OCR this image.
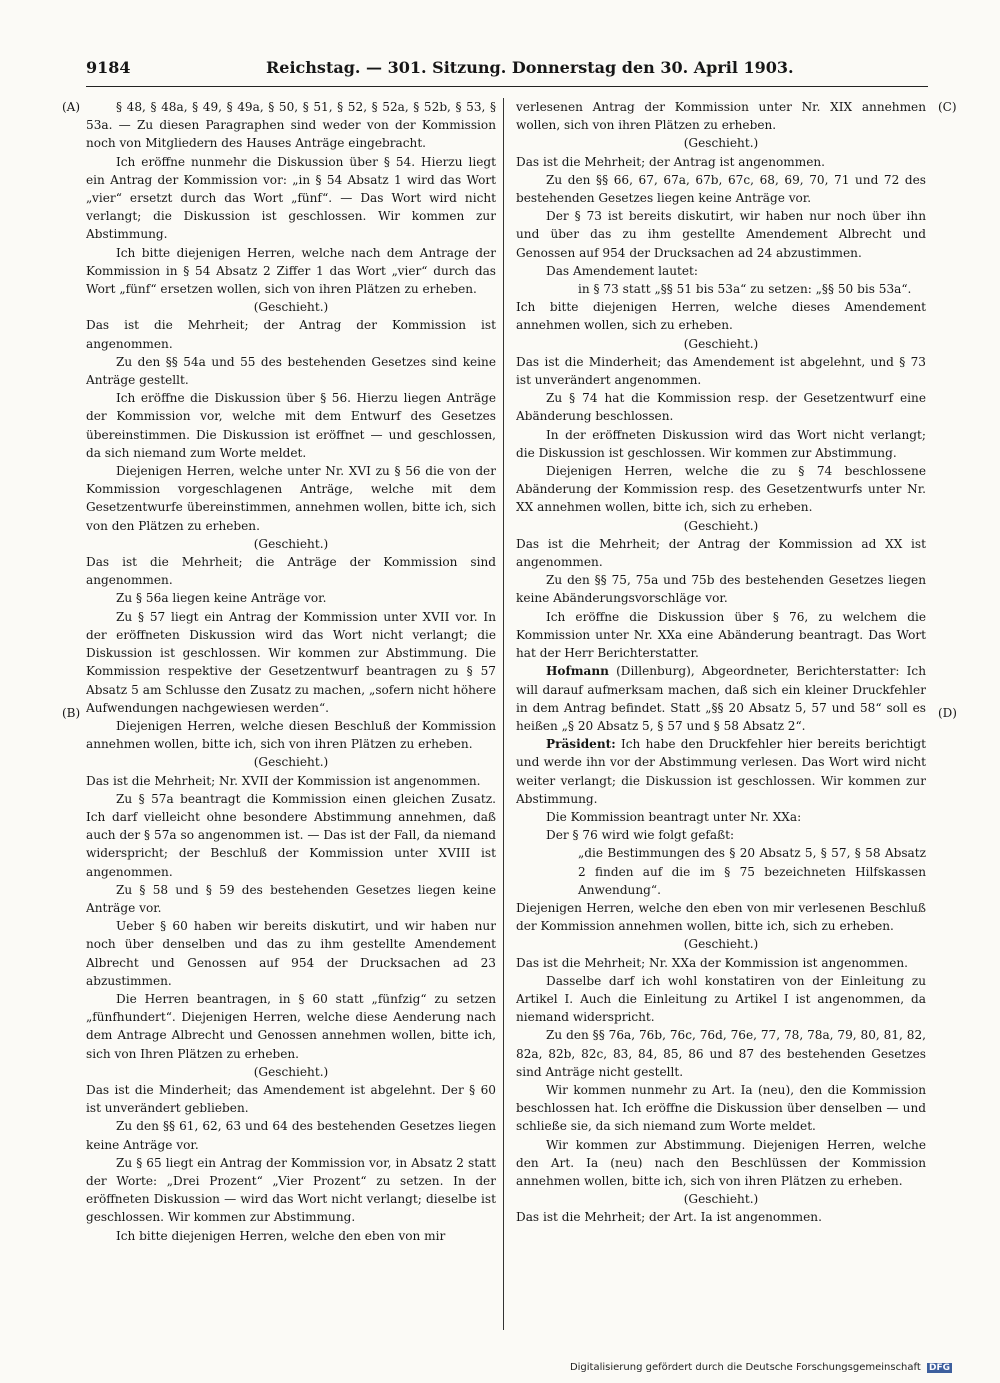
9184	Reichstag. — 301. Sitzung. Donnerstag den 30. April 1903.
(A)
(B)
(C)
(D)

§ 48, § 48a, § 49, § 49a, § 50, § 51, § 52, § 52a, § 52b, § 53, § 53a. — Zu diesen Paragraphen sind weder von der Kommission noch von Mitgliedern des Hauses Anträge eingebracht.

Ich eröffne nunmehr die Diskussion über § 54. Hierzu liegt ein Antrag der Kommission vor: „in § 54 Absatz 1 wird das Wort „vier“ ersetzt durch das Wort „fünf“. — Das Wort wird nicht verlangt; die Diskussion ist geschlossen. Wir kommen zur Abstimmung.

Ich bitte diejenigen Herren, welche nach dem Antrage der Kommission in § 54 Absatz 2 Ziffer 1 das Wort „vier“ durch das Wort „fünf“ ersetzen wollen, sich von ihren Plätzen zu erheben.

(Geschieht.)

Das ist die Mehrheit; der Antrag der Kommission ist angenommen.

Zu den §§ 54a und 55 des bestehenden Gesetzes sind keine Anträge gestellt.

Ich eröffne die Diskussion über § 56. Hierzu liegen Anträge der Kommission vor, welche mit dem Entwurf des Gesetzes übereinstimmen. Die Diskussion ist eröffnet — und geschlossen, da sich niemand zum Worte meldet.

Diejenigen Herren, welche unter Nr. XVI zu § 56 die von der Kommission vorgeschlagenen Anträge, welche mit dem Gesetzentwurfe übereinstimmen, annehmen wollen, bitte ich, sich von den Plätzen zu erheben.

(Geschieht.)

Das ist die Mehrheit; die Anträge der Kommission sind angenommen.

Zu § 56a liegen keine Anträge vor.

Zu § 57 liegt ein Antrag der Kommission unter XVII vor. In der eröffneten Diskussion wird das Wort nicht verlangt; die Diskussion ist geschlossen. Wir kommen zur Abstimmung. Die Kommission respektive der Gesetzentwurf beantragen zu § 57 Absatz 5 am Schlusse den Zusatz zu machen, „sofern nicht höhere Aufwendungen nachgewiesen werden“.

Diejenigen Herren, welche diesen Beschluß der Kommission annehmen wollen, bitte ich, sich von ihren Plätzen zu erheben.

(Geschieht.)

Das ist die Mehrheit; Nr. XVII der Kommission ist angenommen.

Zu § 57a beantragt die Kommission einen gleichen Zusatz. Ich darf vielleicht ohne besondere Abstimmung annehmen, daß auch der § 57a so angenommen ist. — Das ist der Fall, da niemand widerspricht; der Beschluß der Kommission unter XVIII ist angenommen.

Zu § 58 und § 59 des bestehenden Gesetzes liegen keine Anträge vor.

Ueber § 60 haben wir bereits diskutirt, und wir haben nur noch über denselben und das zu ihm gestellte Amendement Albrecht und Genossen auf 954 der Drucksachen ad 23 abzustimmen.

Die Herren beantragen, in § 60 statt „fünfzig“ zu setzen „fünfhundert“. Diejenigen Herren, welche diese Aenderung nach dem Antrage Albrecht und Genossen annehmen wollen, bitte ich, sich von Ihren Plätzen zu erheben.

(Geschieht.)

Das ist die Minderheit; das Amendement ist abgelehnt. Der § 60 ist unverändert geblieben.

Zu den §§ 61, 62, 63 und 64 des bestehenden Gesetzes liegen keine Anträge vor.

Zu § 65 liegt ein Antrag der Kommission vor, in Absatz 2 statt der Worte: „Drei Prozent“ „Vier Prozent“ zu setzen. In der eröffneten Diskussion — wird das Wort nicht verlangt; dieselbe ist geschlossen. Wir kommen zur Abstimmung.

Ich bitte diejenigen Herren, welche den eben von mir

verlesenen Antrag der Kommission unter Nr. XIX annehmen wollen, sich von ihren Plätzen zu erheben.

(Geschieht.)

Das ist die Mehrheit; der Antrag ist angenommen.

Zu den §§ 66, 67, 67a, 67b, 67c, 68, 69, 70, 71 und 72 des bestehenden Gesetzes liegen keine Anträge vor.

Der § 73 ist bereits diskutirt, wir haben nur noch über ihn und über das zu ihm gestellte Amendement Albrecht und Genossen auf 954 der Drucksachen ad 24 abzustimmen.

Das Amendement lautet:

in § 73 statt „§§ 51 bis 53a“ zu setzen: „§§ 50 bis 53a“.

Ich bitte diejenigen Herren, welche dieses Amendement annehmen wollen, sich zu erheben.

(Geschieht.)

Das ist die Minderheit; das Amendement ist abgelehnt, und § 73 ist unverändert angenommen.

Zu § 74 hat die Kommission resp. der Gesetzentwurf eine Abänderung beschlossen.

In der eröffneten Diskussion wird das Wort nicht verlangt; die Diskussion ist geschlossen. Wir kommen zur Abstimmung.

Diejenigen Herren, welche die zu § 74 beschlossene Abänderung der Kommission resp. des Gesetzentwurfs unter Nr. XX annehmen wollen, bitte ich, sich zu erheben.

(Geschieht.)

Das ist die Mehrheit; der Antrag der Kommission ad XX ist angenommen.

Zu den §§ 75, 75a und 75b des bestehenden Gesetzes liegen keine Abänderungsvorschläge vor.

Ich eröffne die Diskussion über § 76, zu welchem die Kommission unter Nr. XXa eine Abänderung beantragt. Das Wort hat der Herr Berichterstatter.

Hofmann (Dillenburg), Abgeordneter, Berichterstatter: Ich will darauf aufmerksam machen, daß sich ein kleiner Druckfehler in dem Antrag befindet. Statt „§§ 20 Absatz 5, 57 und 58“ soll es heißen „§ 20 Absatz 5, § 57 und § 58 Absatz 2“.

Präsident: Ich habe den Druckfehler hier bereits berichtigt und werde ihn vor der Abstimmung verlesen. Das Wort wird nicht weiter verlangt; die Diskussion ist geschlossen. Wir kommen zur Abstimmung.

Die Kommission beantragt unter Nr. XXa:

Der § 76 wird wie folgt gefaßt:

„die Bestimmungen des § 20 Absatz 5, § 57, § 58 Absatz 2 finden auf die im § 75 bezeichneten Hilfskassen Anwendung“.

Diejenigen Herren, welche den eben von mir verlesenen Beschluß der Kommission annehmen wollen, bitte ich, sich zu erheben.

(Geschieht.)

Das ist die Mehrheit; Nr. XXa der Kommission ist angenommen.

Dasselbe darf ich wohl konstatiren von der Einleitung zu Artikel I. Auch die Einleitung zu Artikel I ist angenommen, da niemand widerspricht.

Zu den §§ 76a, 76b, 76c, 76d, 76e, 77, 78, 78a, 79, 80, 81, 82, 82a, 82b, 82c, 83, 84, 85, 86 und 87 des bestehenden Gesetzes sind Anträge nicht gestellt.

Wir kommen nunmehr zu Art. Ia (neu), den die Kommission beschlossen hat. Ich eröffne die Diskussion über denselben — und schließe sie, da sich niemand zum Worte meldet.

Wir kommen zur Abstimmung. Diejenigen Herren, welche den Art. Ia (neu) nach den Beschlüssen der Kommission annehmen wollen, bitte ich, sich von ihren Plätzen zu erheben.

(Geschieht.)

Das ist die Mehrheit; der Art. Ia ist angenommen.

Digitalisierung gefördert durch die Deutsche Forschungsgemeinschaft DFG
